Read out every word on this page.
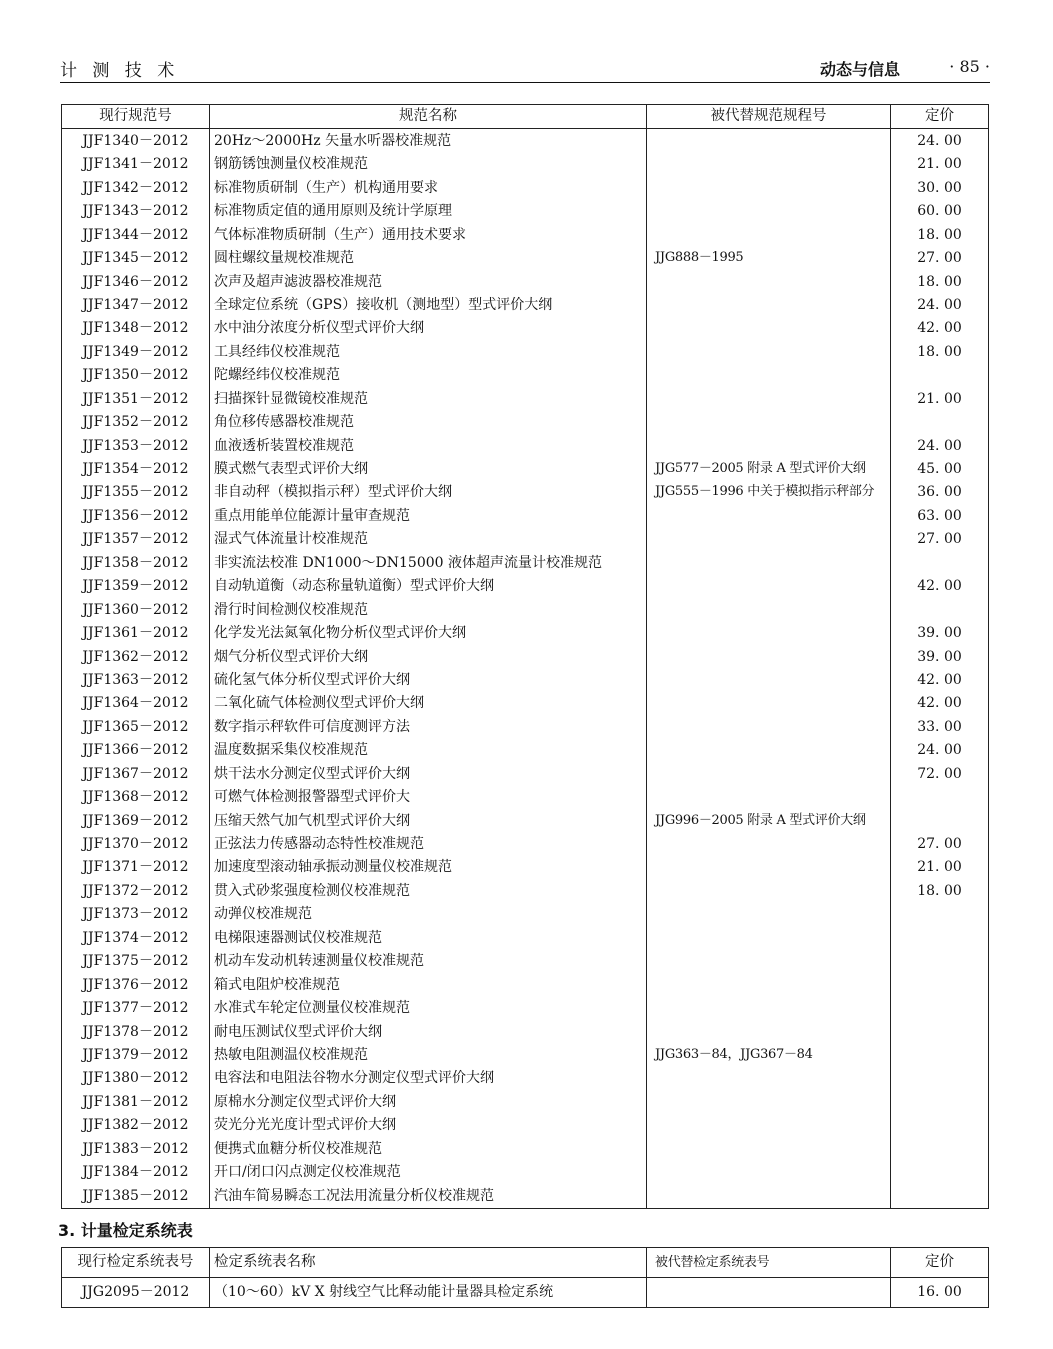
计 测 技 术	动态与信息	· 85 ·
现行规范号	规范名称	被代替规范规程号	定价
JJF1340－2012	20Hz～2000Hz 矢量水听器校准规范		24. 00
JJF1341－2012	钢筋锈蚀测量仪校准规范		21. 00
JJF1342－2012	标准物质研制（生产）机构通用要求		30. 00
JJF1343－2012	标准物质定值的通用原则及统计学原理		60. 00
JJF1344－2012	气体标准物质研制（生产）通用技术要求		18. 00
JJF1345－2012	圆柱螺纹量规校准规范	JJG888－1995	27. 00
JJF1346－2012	次声及超声滤波器校准规范		18. 00
JJF1347－2012	全球定位系统（GPS）接收机（测地型）型式评价大纲		24. 00
JJF1348－2012	水中油分浓度分析仪型式评价大纲		42. 00
JJF1349－2012	工具经纬仪校准规范		18. 00
JJF1350－2012	陀螺经纬仪校准规范		
JJF1351－2012	扫描探针显微镜校准规范		21. 00
JJF1352－2012	角位移传感器校准规范		
JJF1353－2012	血液透析装置校准规范		24. 00
JJF1354－2012	膜式燃气表型式评价大纲	JJG577－2005 附录 A 型式评价大纲	45. 00
JJF1355－2012	非自动秤（模拟指示秤）型式评价大纲	JJG555－1996 中关于模拟指示秤部分	36. 00
JJF1356－2012	重点用能单位能源计量审查规范		63. 00
JJF1357－2012	湿式气体流量计校准规范		27. 00
JJF1358－2012	非实流法校准 DN1000～DN15000 液体超声流量计校准规范		
JJF1359－2012	自动轨道衡（动态称量轨道衡）型式评价大纲		42. 00
JJF1360－2012	滑行时间检测仪校准规范		
JJF1361－2012	化学发光法氮氧化物分析仪型式评价大纲		39. 00
JJF1362－2012	烟气分析仪型式评价大纲		39. 00
JJF1363－2012	硫化氢气体分析仪型式评价大纲		42. 00
JJF1364－2012	二氧化硫气体检测仪型式评价大纲		42. 00
JJF1365－2012	数字指示秤软件可信度测评方法		33. 00
JJF1366－2012	温度数据采集仪校准规范		24. 00
JJF1367－2012	烘干法水分测定仪型式评价大纲		72. 00
JJF1368－2012	可燃气体检测报警器型式评价大		
JJF1369－2012	压缩天然气加气机型式评价大纲	JJG996－2005 附录 A 型式评价大纲	
JJF1370－2012	正弦法力传感器动态特性校准规范		27. 00
JJF1371－2012	加速度型滚动轴承振动测量仪校准规范		21. 00
JJF1372－2012	贯入式砂浆强度检测仪校准规范		18. 00
JJF1373－2012	动弹仪校准规范		
JJF1374－2012	电梯限速器测试仪校准规范		
JJF1375－2012	机动车发动机转速测量仪校准规范		
JJF1376－2012	箱式电阻炉校准规范		
JJF1377－2012	水准式车轮定位测量仪校准规范		
JJF1378－2012	耐电压测试仪型式评价大纲		
JJF1379－2012	热敏电阻测温仪校准规范	JJG363－84，JJG367－84	
JJF1380－2012	电容法和电阻法谷物水分测定仪型式评价大纲		
JJF1381－2012	原棉水分测定仪型式评价大纲		
JJF1382－2012	荧光分光光度计型式评价大纲		
JJF1383－2012	便携式血糖分析仪校准规范		
JJF1384－2012	开口/闭口闪点测定仪校准规范		
JJF1385－2012	汽油车简易瞬态工况法用流量分析仪校准规范		
3. 计量检定系统表
现行检定系统表号	检定系统表名称	被代替检定系统表号	定价
JJG2095－2012	（10～60）kV X 射线空气比释动能计量器具检定系统		16. 00
